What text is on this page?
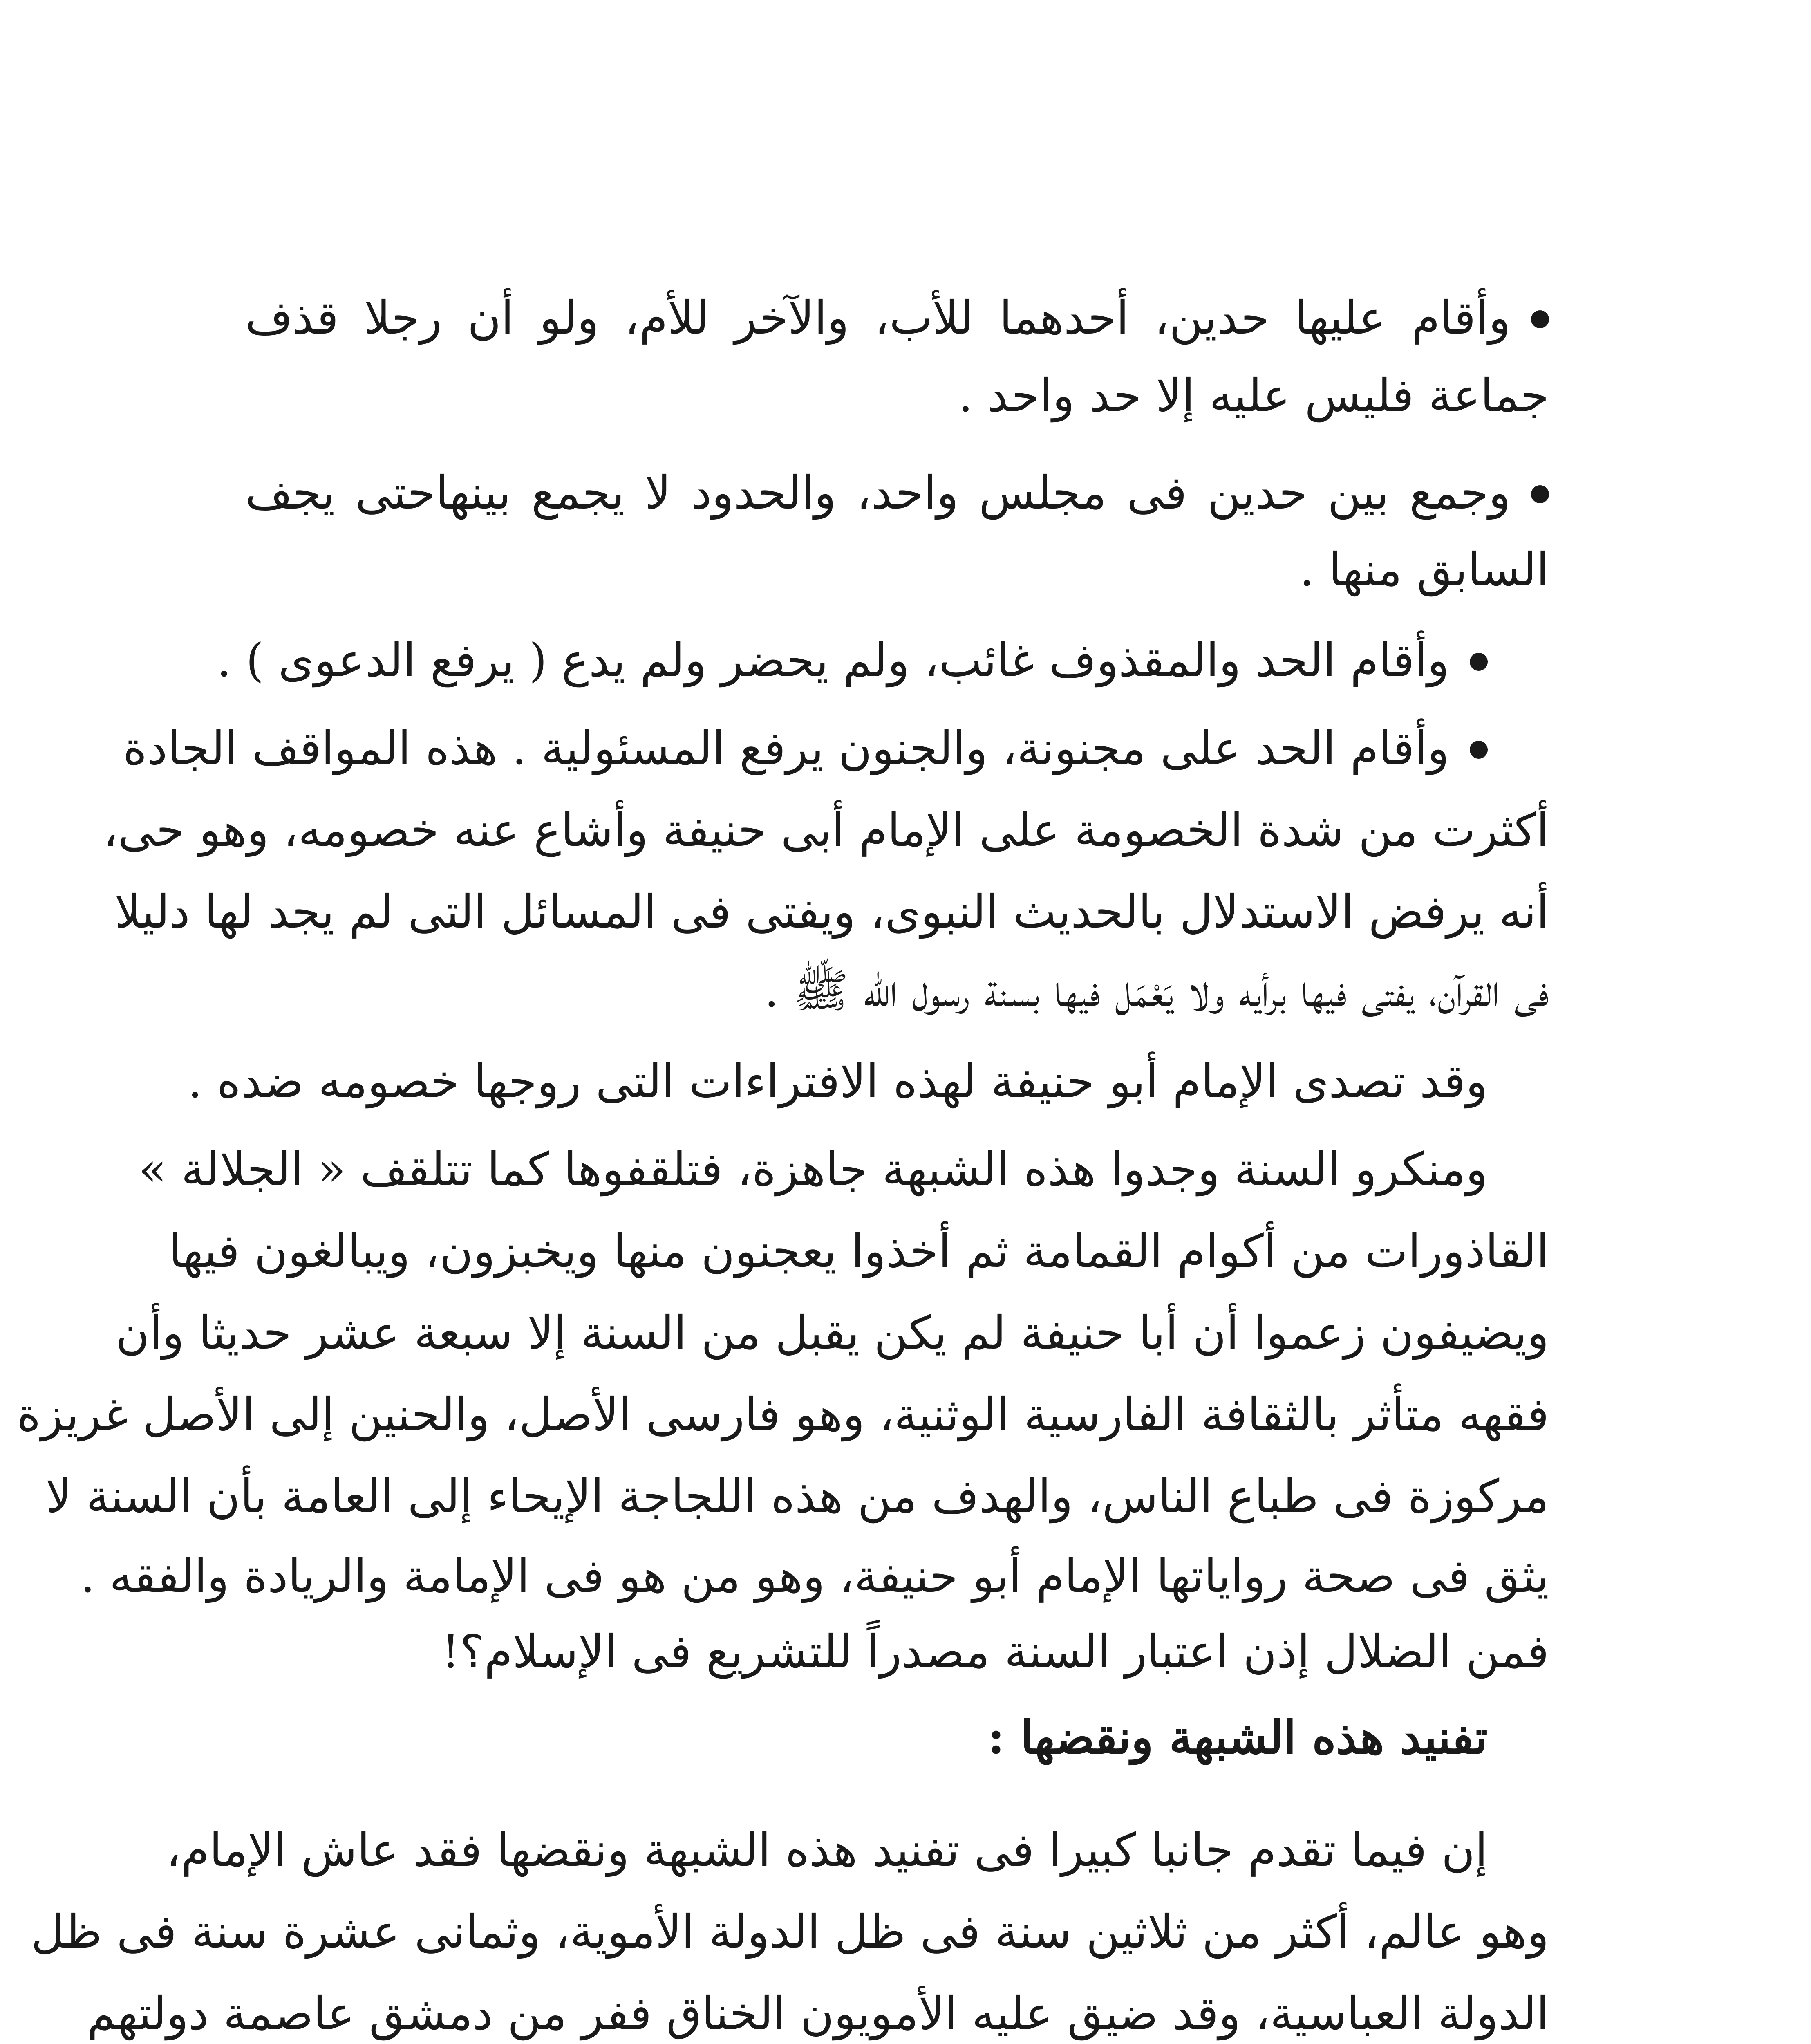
وأقام عليها حدين، أحدهما للأب، والآخر للأم، ولو أن رجلا قذف
جماعة فليس عليه إلا حد واحد .
وجمع بين حدين فى مجلس واحد، والحدود لا يجمع بينهاحتى يجف
السابق منها .
وأقام الحد والمقذوف غائب، ولم يحضر ولم يدع ( يرفع الدعوى ) .
وأقام الحد على مجنونة، والجنون يرفع المسئولية . هذه المواقف الجادة
أكثرت من شدة الخصومة على الإمام أبى حنيفة وأشاع عنه خصومه، وهو حى،
أنه يرفض الاستدلال بالحديث النبوى، ويفتى فى المسائل التى لم يجد لها دليلا
فى القرآن، يفتى فيها برأيه ولا يَعْمَل فيها بسنة رسول الله ﷺ .
وقد تصدى الإمام أبو حنيفة لهذه الافتراءات التى روجها خصومه ضده .
ومنكرو السنة وجدوا هذه الشبهة جاهزة، فتلقفوها كما تتلقف « الجلالة »
القاذورات من أكوام القمامة ثم أخذوا يعجنون منها ويخبزون، ويبالغون فيها
ويضيفون زعموا أن أبا حنيفة لم يكن يقبل من السنة إلا سبعة عشر حديثا وأن
فقهه متأثر بالثقافة الفارسية الوثنية، وهو فارسى الأصل، والحنين إلى الأصل غريزة
مركوزة فى طباع الناس، والهدف من هذه اللجاجة الإيحاء إلى العامة بأن السنة لا
يثق فى صحة رواياتها الإمام أبو حنيفة، وهو من هو فى الإمامة والريادة والفقه .
فمن الضلال إذن اعتبار السنة مصدراً للتشريع فى الإسلام؟!
تفنيد هذه الشبهة ونقضها :
إن فيما تقدم جانبا كبيرا فى تفنيد هذه الشبهة ونقضها فقد عاش الإمام،
وهو عالم، أكثر من ثلاثين سنة فى ظل الدولة الأموية، وثمانى عشرة سنة فى ظل
الدولة العباسية، وقد ضيق عليه الأمويون الخناق ففر من دمشق عاصمة دولتهم
